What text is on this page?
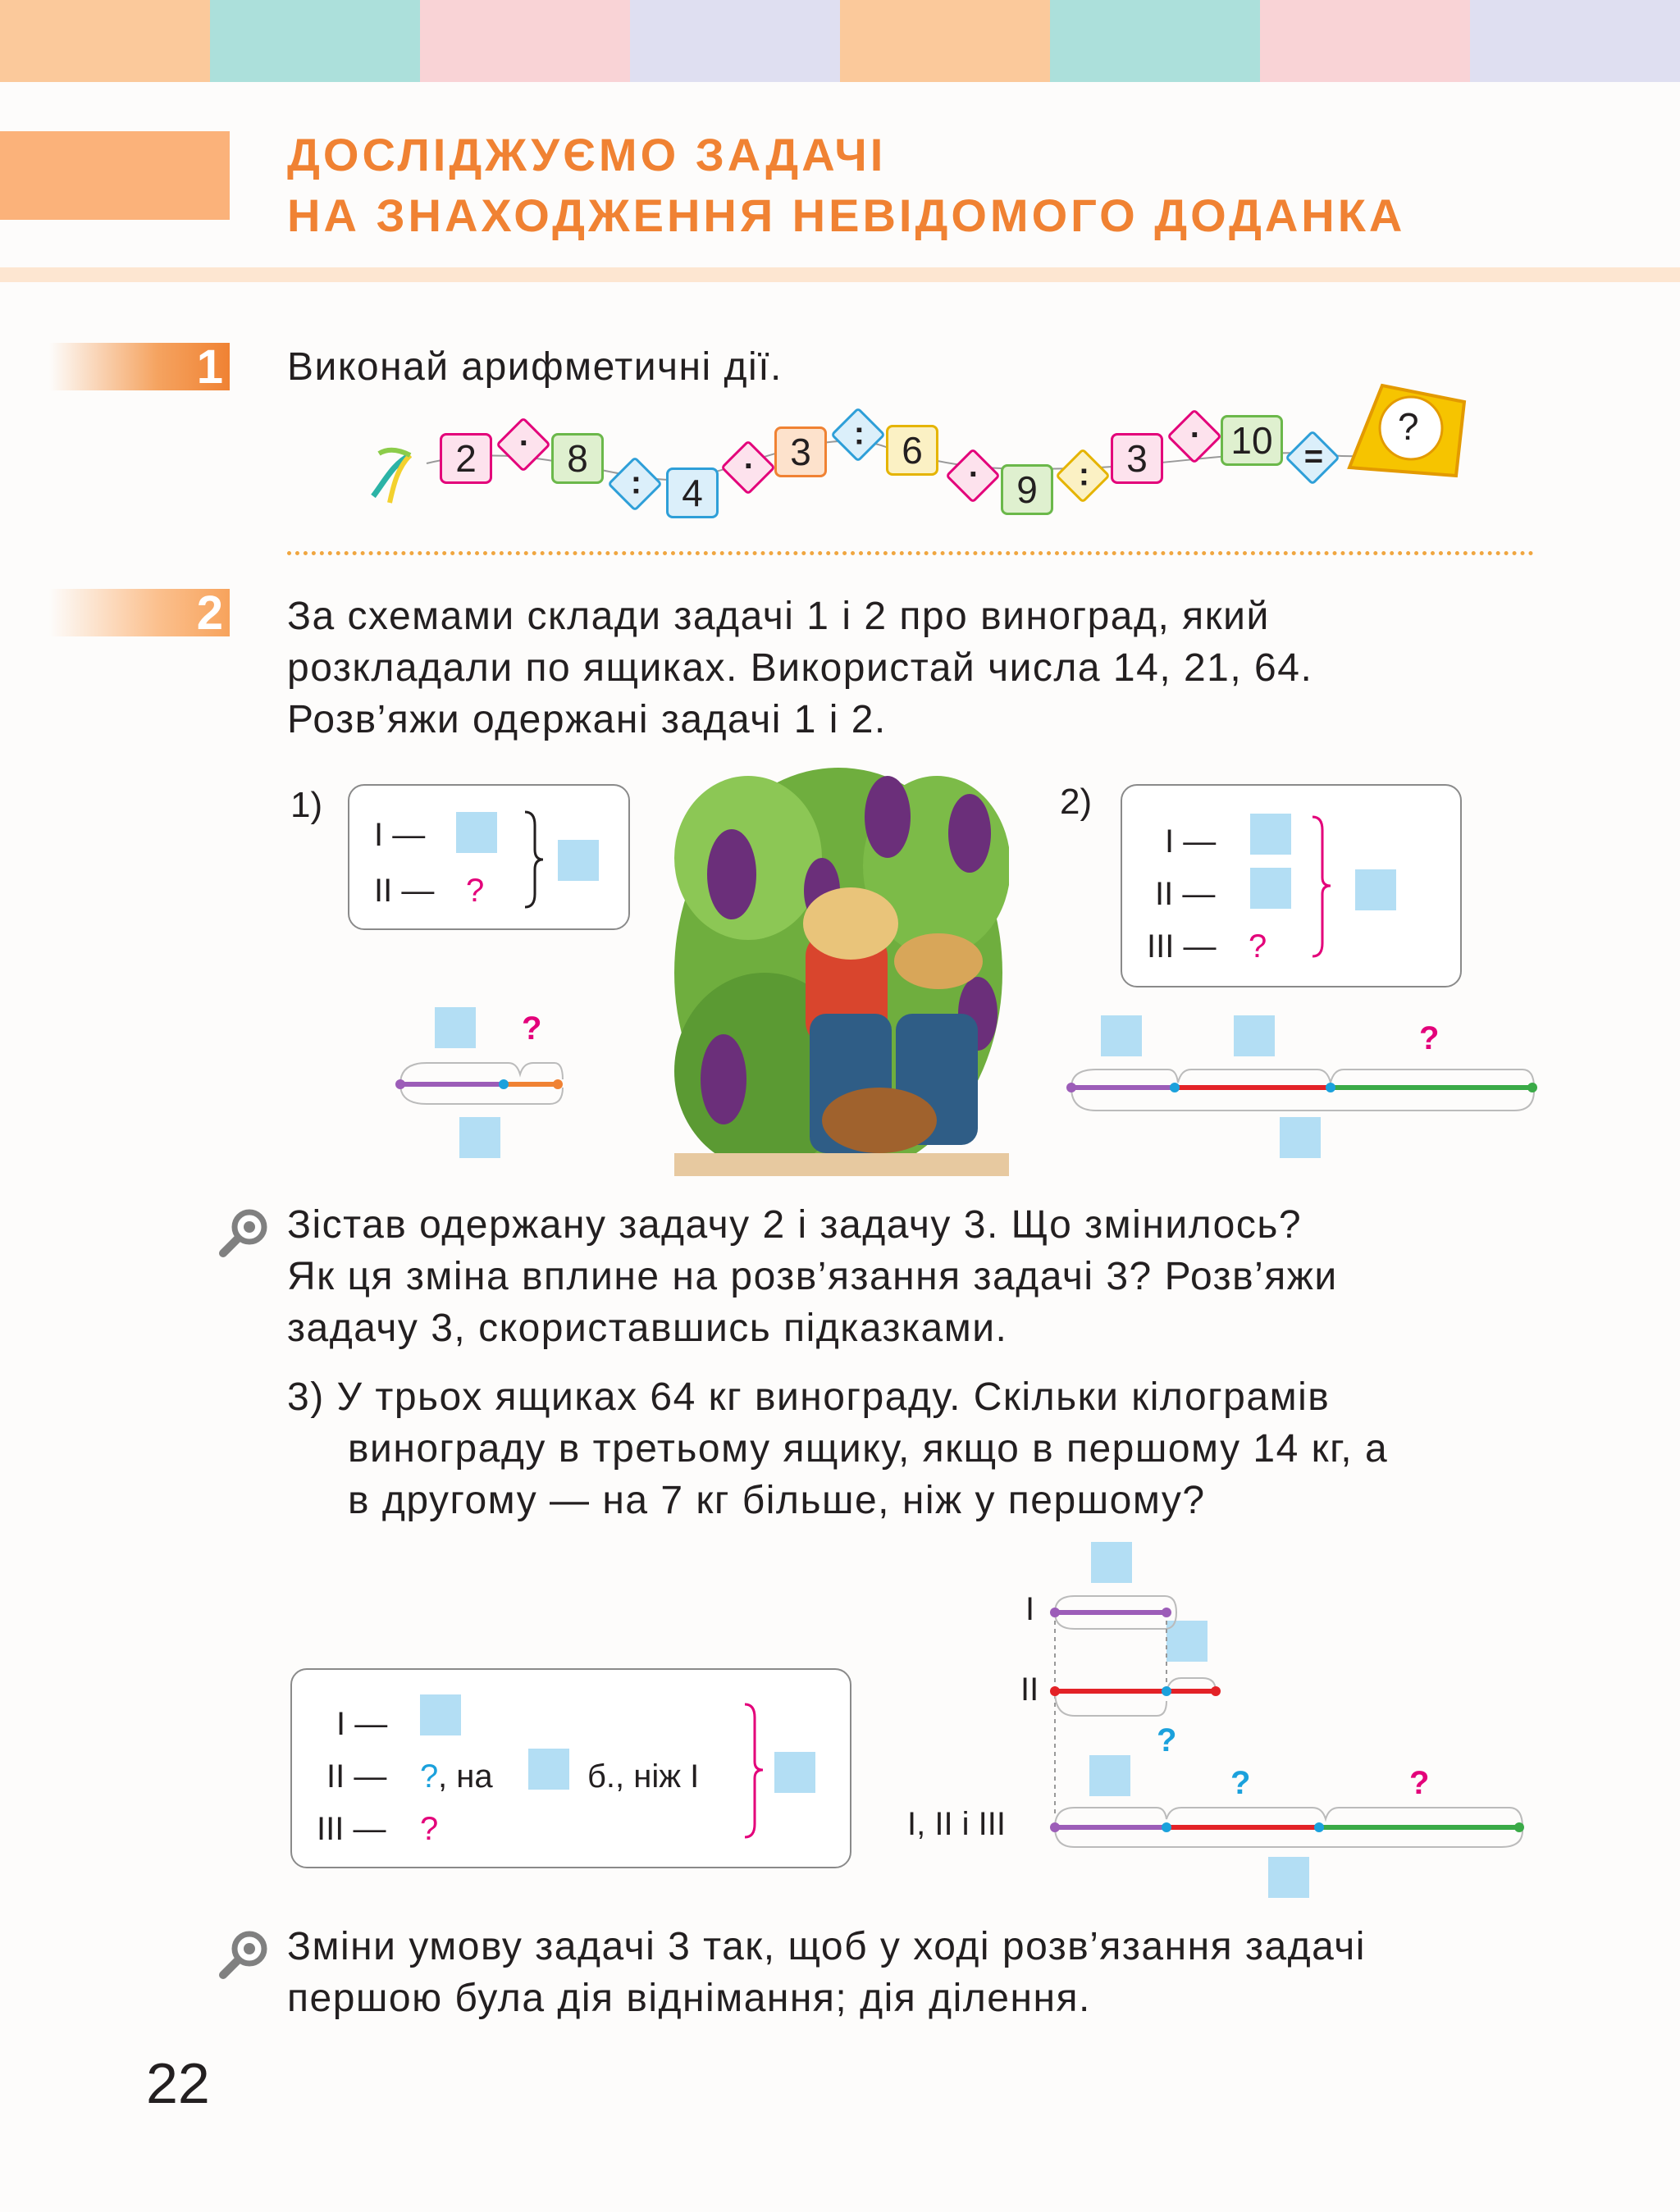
ДОСЛІДЖУЄМО ЗАДАЧІ
НА ЗНАХОДЖЕННЯ НЕВІДОМОГО ДОДАНКА
1 Виконай арифметичні дії.
2	· 8
:	4
· 3	: 6
· 9	: 3
· 10 =
?
2 За схемами склади задачі 1 і 2 про виноград, який
розкладали по ящиках. Використай числа 14, 21, 64.
Розв’яжи одержані задачі 1 і 2.
1)
І —
ІІ — ?
?
2)
І —
ІІ —
ІІІ — ?
?
Зістав одержану задачу 2 і задачу 3. Що змінилось?
Як ця зміна вплине на розв’язання задачі 3? Розв’яжи
задачу 3, скориставшись підказками.
3) У трьох ящиках 64 кг винограду. Скільки кілограмів
винограду в третьому ящику, якщо в першому 14 кг, а
в другому — на 7 кг більше, ніж у першому?
І —
ІІ — ? , на	б., ніж І
ІІІ — ?
І
ІІ
?
?	?
І, ІІ і ІІІ
Зміни умову задачі 3 так, щоб у ході розв’язання задачі
першою була дія віднімання; дія ділення.
22
